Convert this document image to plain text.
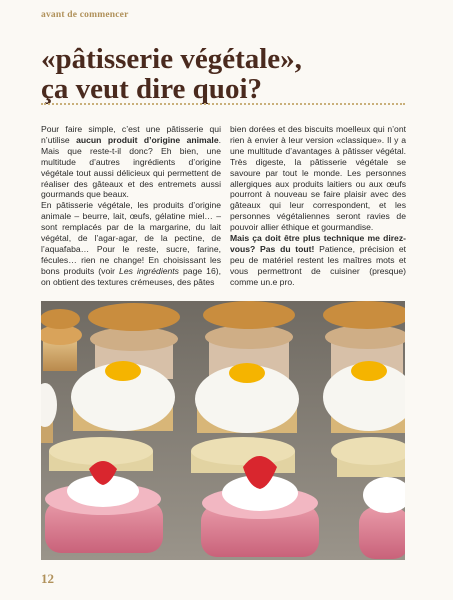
avant de commencer
«pâtisserie végétale»,
ça veut dire quoi?

Pour faire simple, c’est une pâtisserie qui n’utilise aucun produit d’origine animale. Mais que reste-t-il donc? Eh bien, une multitude d’autres ingrédients d’origine végétale tout aussi délicieux qui permettent de réaliser des gâteaux et des entremets aussi gourmands que beaux.

En pâtisserie végétale, les produits d’origine animale – beurre, lait, œufs, gélatine miel… – sont remplacés par de la margarine, du lait végétal, de l’agar-agar, de la pectine, de l’aquafaba… Pour le reste, sucre, farine, fécules… rien ne change! En choisissant les bons produits (voir Les ingrédients page 16), on obtient des textures crémeuses, des pâtes

bien dorées et des biscuits moelleux qui n’ont rien à envier à leur version «classique». Il y a une multitude d’avantages à pâtisser végétal. Très digeste, la pâtisserie végétale se savoure par tout le monde. Les personnes allergiques aux produits laitiers ou aux œufs pourront à nouveau se faire plaisir avec des gâteaux qui leur correspondent, et les personnes végétaliennes seront ravies de pouvoir allier éthique et gourmandise.

Mais ça doit être plus technique me direz-vous? Pas du tout! Patience, précision et peu de matériel restent les maîtres mots et vous permettront de cuisiner (presque) comme un.e pro.

12
